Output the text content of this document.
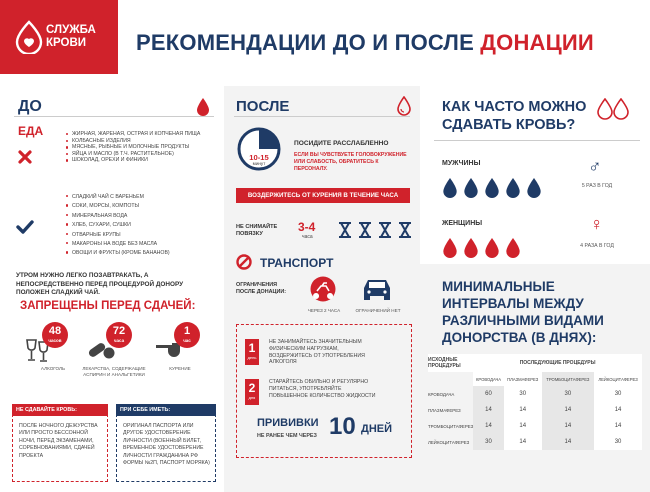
СЛУЖБА
КРОВИ РЕКОМЕНДАЦИИ ДО И ПОСЛЕ ДОНАЦИИ
ДО
ЕДА	ЖИРНАЯ, ЖАРЕНАЯ, ОСТРАЯ И КОПЧЕНАЯ ПИЩА
КОЛБАСНЫЕ ИЗДЕЛИЯ
МЯСНЫЕ, РЫБНЫЕ И МОЛОЧНЫЕ ПРОДУКТЫ
ЯЙЦА И МАСЛО (В Т.Ч. РАСТИТЕЛЬНОЕ)
ШОКОЛАД, ОРЕХИ И ФИНИКИ
СЛАДКИЙ ЧАЙ С ВАРЕНЬЕМ
СОКИ, МОРСЫ, КОМПОТЫ
МИНЕРАЛЬНАЯ ВОДА
ХЛЕБ, СУХАРИ, СУШКИ
ОТВАРНЫЕ КРУПЫ
МАКАРОНЫ НА ВОДЕ БЕЗ МАСЛА
ОВОЩИ И ФРУКТЫ (КРОМЕ БАНАНОВ)
УТРОМ НУЖНО ЛЕГКО ПОЗАВТРАКАТЬ, А НЕПОСРЕДСТВЕННО ПЕРЕД ПРОЦЕДУРОЙ ДОНОРУ ПОЛОЖЕН СЛАДКИЙ ЧАЙ.
ЗАПРЕЩЕНЫ ПЕРЕД СДАЧЕЙ:
48
часов
АЛКОГОЛЬ
72
часа
ЛЕКАРСТВА, СОДЕРЖАЩИЕ АСПИРИН И АНАЛЬГЕТИКИ
1
час
КУРЕНИЕ
НЕ СДАВАЙТЕ КРОВЬ:
ПОСЛЕ НОЧНОГО ДЕЖУРСТВА ИЛИ ПРОСТО БЕССОННОЙ НОЧИ, ПЕРЕД ЭКЗАМЕНАМИ, СОРЕВНОВАНИЯМИ, СДАЧЕЙ ПРОЕКТА
ПРИ СЕБЕ ИМЕТЬ:
ОРИГИНАЛ ПАСПОРТА ИЛИ ДРУГОЕ УДОСТОВЕРЕНИЕ ЛИЧНОСТИ (ВОЕННЫЙ БИЛЕТ, ВРЕМЕННОЕ УДОСТОВЕРЕНИЕ ЛИЧНОСТИ ГРАЖДАНИНА РФ ФОРМЫ №2П, ПАСПОРТ МОРЯКА)
ПОСЛЕ
10-15
минут
ПОСИДИТЕ РАССЛАБЛЕННО
ЕСЛИ ВЫ ЧУВСТВУЕТЕ ГОЛОВОКРУЖЕНИЕ ИЛИ СЛАБОСТЬ, ОБРАТИТЕСЬ К ПЕРСОНАЛУ.
ВОЗДЕРЖИТЕСЬ ОТ КУРЕНИЯ В ТЕЧЕНИЕ ЧАСА
НЕ СНИМАЙТЕ ПОВЯЗКУ	3-4
часа
ТРАНСПОРТ
ОГРАНИЧЕНИЯ ПОСЛЕ ДОНАЦИИ:
ЧЕРЕЗ 2 ЧАСА	ОГРАНИЧЕНИЙ НЕТ
1
день
НЕ ЗАНИМАЙТЕСЬ ЗНАЧИТЕЛЬНЫМ ФИЗИЧЕСКИМ НАГРУЗКАМ, ВОЗДЕРЖИТЕСЬ ОТ УПОТРЕБЛЕНИЯ АЛКОГОЛЯ
2
дня
СТАРАЙТЕСЬ ОБИЛЬНО И РЕГУЛЯРНО ПИТАТЬСЯ, УПОТРЕБЛЯЙТЕ ПОВЫШЕННОЕ КОЛИЧЕСТВО ЖИДКОСТИ
ПРИВИВКИ
НЕ РАНЕЕ ЧЕМ ЧЕРЕЗ 10 ДНЕЙ
КАК ЧАСТО МОЖНО СДАВАТЬ КРОВЬ?
МУЖЧИНЫ	♂
5 РАЗ В ГОД
ЖЕНЩИНЫ	♀
4 РАЗА В ГОД
МИНИМАЛЬНЫЕ ИНТЕРВАЛЫ МЕЖДУ РАЗЛИЧНЫМИ ВИДАМИ ДОНОРСТВА (В ДНЯХ):
ИСХОДНЫЕ ПРОЦЕДУРЫ	ПОСЛЕДУЮЩИЕ ПРОЦЕДУРЫ			
	КРОВОДАЧА	ПЛАЗМАФЕРЕЗ	ТРОМБОЦИТАФЕРЕЗ	ЛЕЙКОЦИТАФЕРЕЗ
КРОВОДАЧА	60	30	30	30
ПЛАЗМАФЕРЕЗ	14	14	14	14
ТРОМБОЦИТАФЕРЕЗ	14	14	14	14
ЛЕЙКОЦИТАФЕРЕЗ	30	14	14	30
